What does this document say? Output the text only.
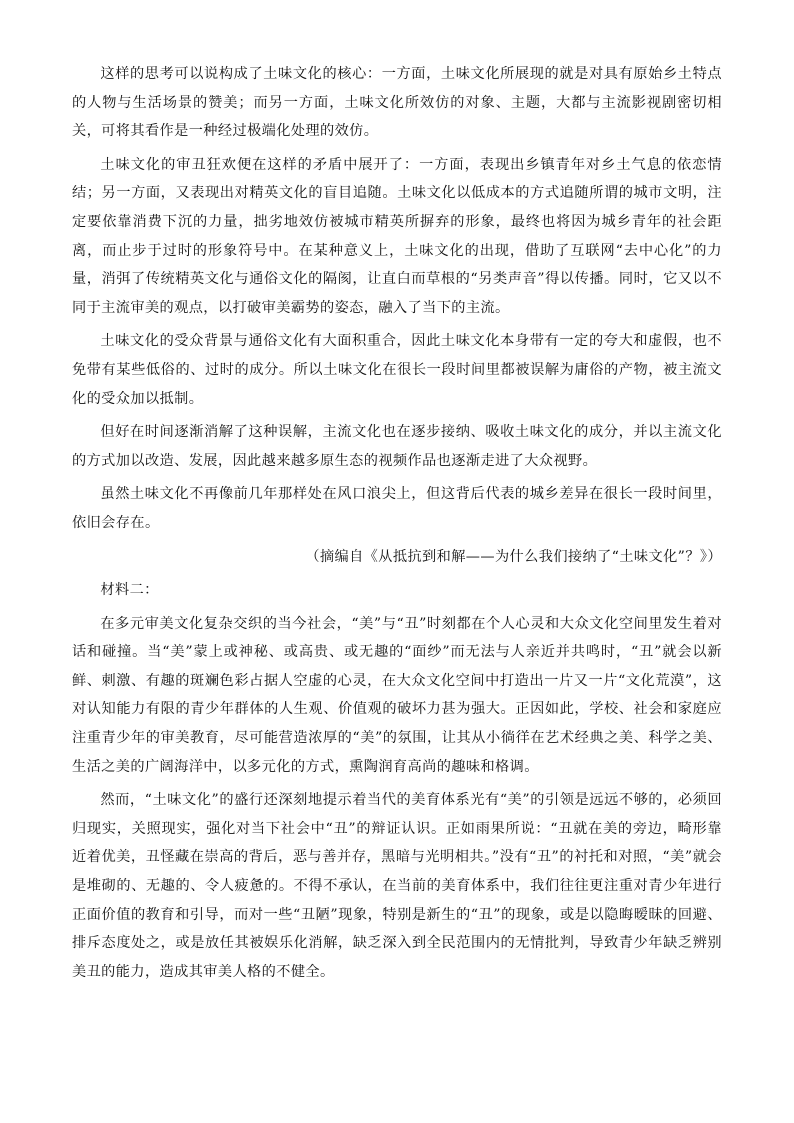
这样的思考可以说构成了土味文化的核心：一方面，土味文化所展现的就是对具有原始乡土特点的人物与生活场景的赞美；而另一方面，土味文化所效仿的对象、主题，大都与主流影视剧密切相关，可将其看作是一种经过极端化处理的效仿。

土味文化的审丑狂欢便在这样的矛盾中展开了：一方面，表现出乡镇青年对乡土气息的依恋情结；另一方面，又表现出对精英文化的盲目追随。土味文化以低成本的方式追随所谓的城市文明，注定要依靠消费下沉的力量，拙劣地效仿被城市精英所摒弃的形象，最终也将因为城乡青年的社会距离，而止步于过时的形象符号中。在某种意义上，土味文化的出现，借助了互联网“去中心化”的力量，消弭了传统精英文化与通俗文化的隔阂，让直白而草根的“另类声音”得以传播。同时，它又以不同于主流审美的观点，以打破审美霸势的姿态，融入了当下的主流。

土味文化的受众背景与通俗文化有大面积重合，因此土味文化本身带有一定的夸大和虚假，也不免带有某些低俗的、过时的成分。所以土味文化在很长一段时间里都被误解为庸俗的产物，被主流文化的受众加以抵制。

但好在时间逐渐消解了这种误解，主流文化也在逐步接纳、吸收土味文化的成分，并以主流文化的方式加以改造、发展，因此越来越多原生态的视频作品也逐渐走进了大众视野。

虽然土味文化不再像前几年那样处在风口浪尖上，但这背后代表的城乡差异在很长一段时间里，依旧会存在。

（摘编自《从抵抗到和解——为什么我们接纳了“土味文化”？》）

材料二：

在多元审美文化复杂交织的当今社会，“美”与“丑”时刻都在个人心灵和大众文化空间里发生着对话和碰撞。当“美”蒙上或神秘、或高贵、或无趣的“面纱”而无法与人亲近并共鸣时，“丑”就会以新鲜、刺激、有趣的斑斓色彩占据人空虚的心灵，在大众文化空间中打造出一片又一片“文化荒漠”，这对认知能力有限的青少年群体的人生观、价值观的破坏力甚为强大。正因如此，学校、社会和家庭应注重青少年的审美教育，尽可能营造浓厚的“美”的氛围，让其从小徜徉在艺术经典之美、科学之美、生活之美的广阔海洋中，以多元化的方式，熏陶润育高尚的趣味和格调。

然而，“土味文化”的盛行还深刻地提示着当代的美育体系光有“美”的引领是远远不够的，必须回归现实，关照现实，强化对当下社会中“丑”的辩证认识。正如雨果所说：“丑就在美的旁边，畸形靠近着优美，丑怪藏在崇高的背后，恶与善并存，黑暗与光明相共。”没有“丑”的衬托和对照，“美”就会是堆砌的、无趣的、令人疲惫的。不得不承认，在当前的美育体系中，我们往往更注重对青少年进行正面价值的教育和引导，而对一些“丑陋”现象，特别是新生的“丑”的现象，或是以隐晦暧昧的回避、排斥态度处之，或是放任其被娱乐化消解，缺乏深入到全民范围内的无情批判，导致青少年缺乏辨别美丑的能力，造成其审美人格的不健全。
